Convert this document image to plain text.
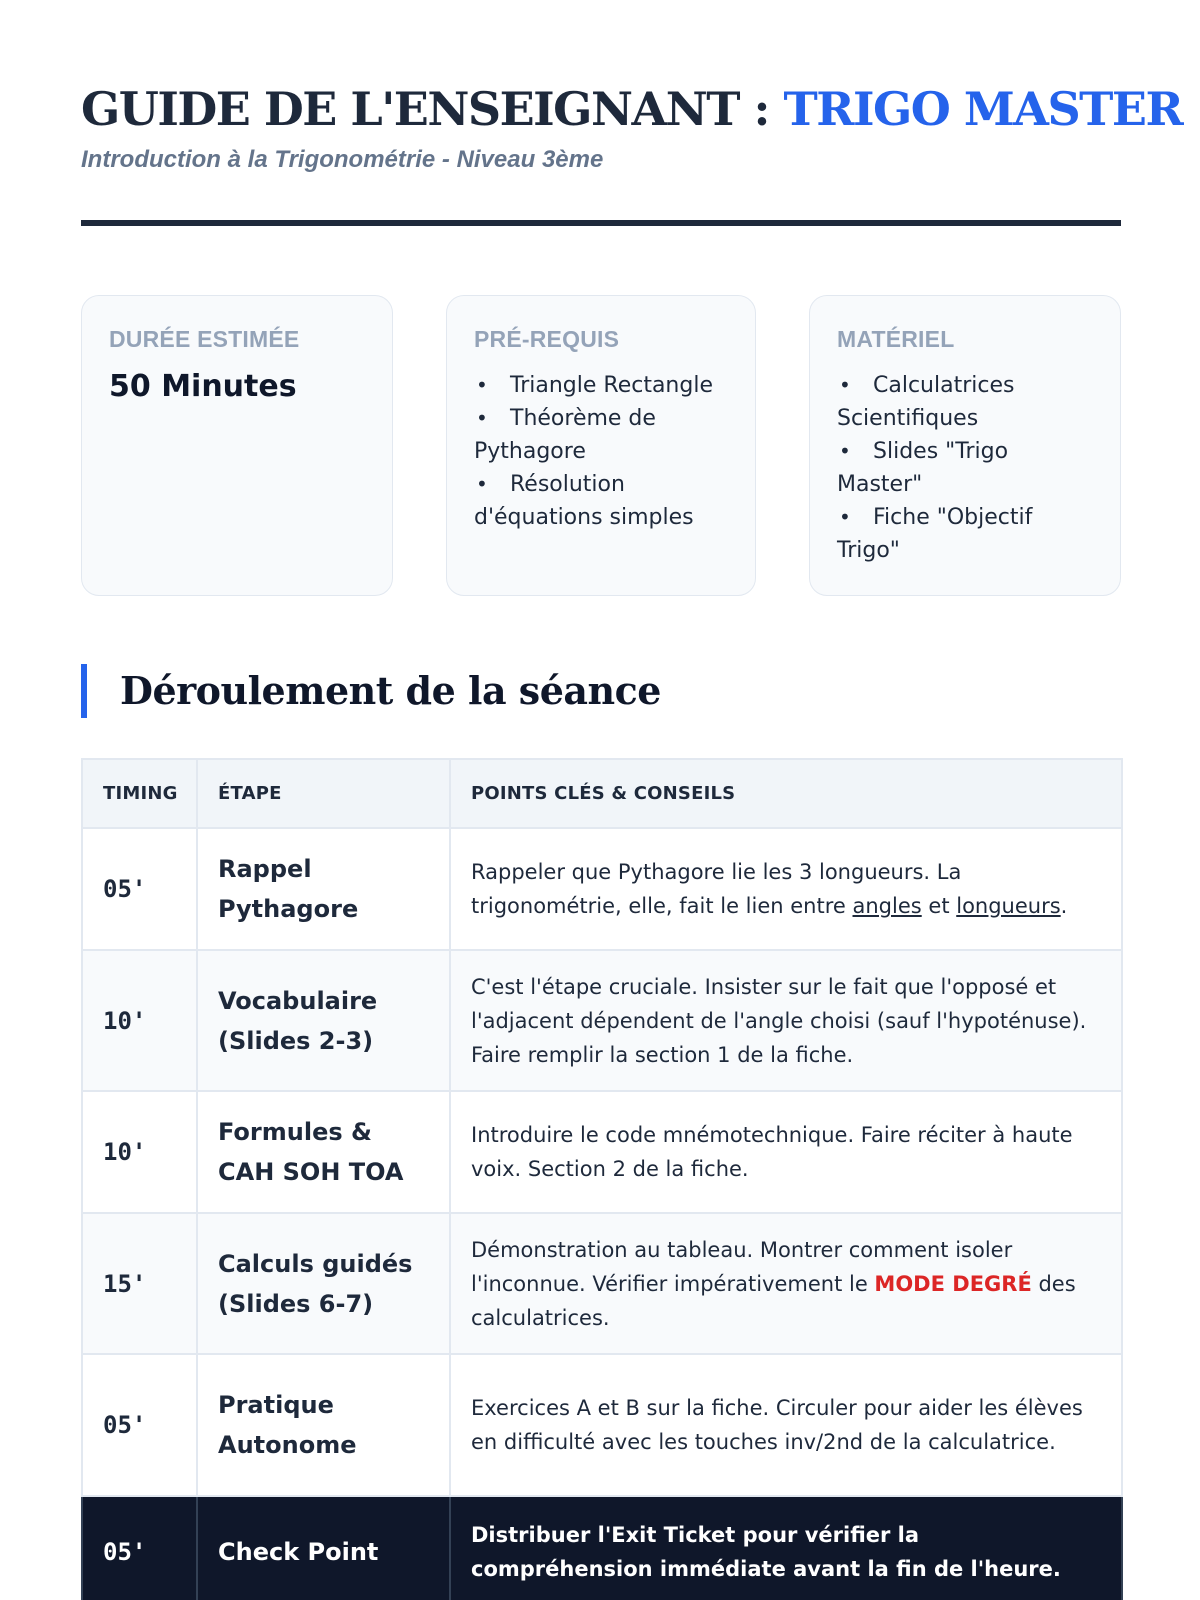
GUIDE DE L'ENSEIGNANT : TRIGO MASTER

Introduction à la Trigonométrie - Niveau 3ème

DURÉE ESTIMÉE

50 Minutes

PRÉ-REQUIS

• Triangle Rectangle
• Théorème de Pythagore
• Résolution d'équations simples

MATÉRIEL

• Calculatrices Scientifiques
• Slides "Trigo Master"
• Fiche "Objectif Trigo"
Déroulement de la séance
TIMING	ÉTAPE	POINTS CLÉS & CONSEILS
05'	Rappel Pythagore	Rappeler que Pythagore lie les 3 longueurs. La trigonométrie, elle, fait le lien entre angles et longueurs.
10'	Vocabulaire (Slides 2-3)	C'est l'étape cruciale. Insister sur le fait que l'opposé et l'adjacent dépendent de l'angle choisi (sauf l'hypoténuse). Faire remplir la section 1 de la fiche.
10'	Formules & CAH SOH TOA	Introduire le code mnémotechnique. Faire réciter à haute voix. Section 2 de la fiche.
15'	Calculs guidés (Slides 6-7)	Démonstration au tableau. Montrer comment isoler l'inconnue. Vérifier impérativement le MODE DEGRÉ des calculatrices.
05'	Pratique Autonome	Exercices A et B sur la fiche. Circuler pour aider les élèves en difficulté avec les touches inv/2nd de la calculatrice.
05'	Check Point	Distribuer l'Exit Ticket pour vérifier la compréhension immédiate avant la fin de l'heure.
